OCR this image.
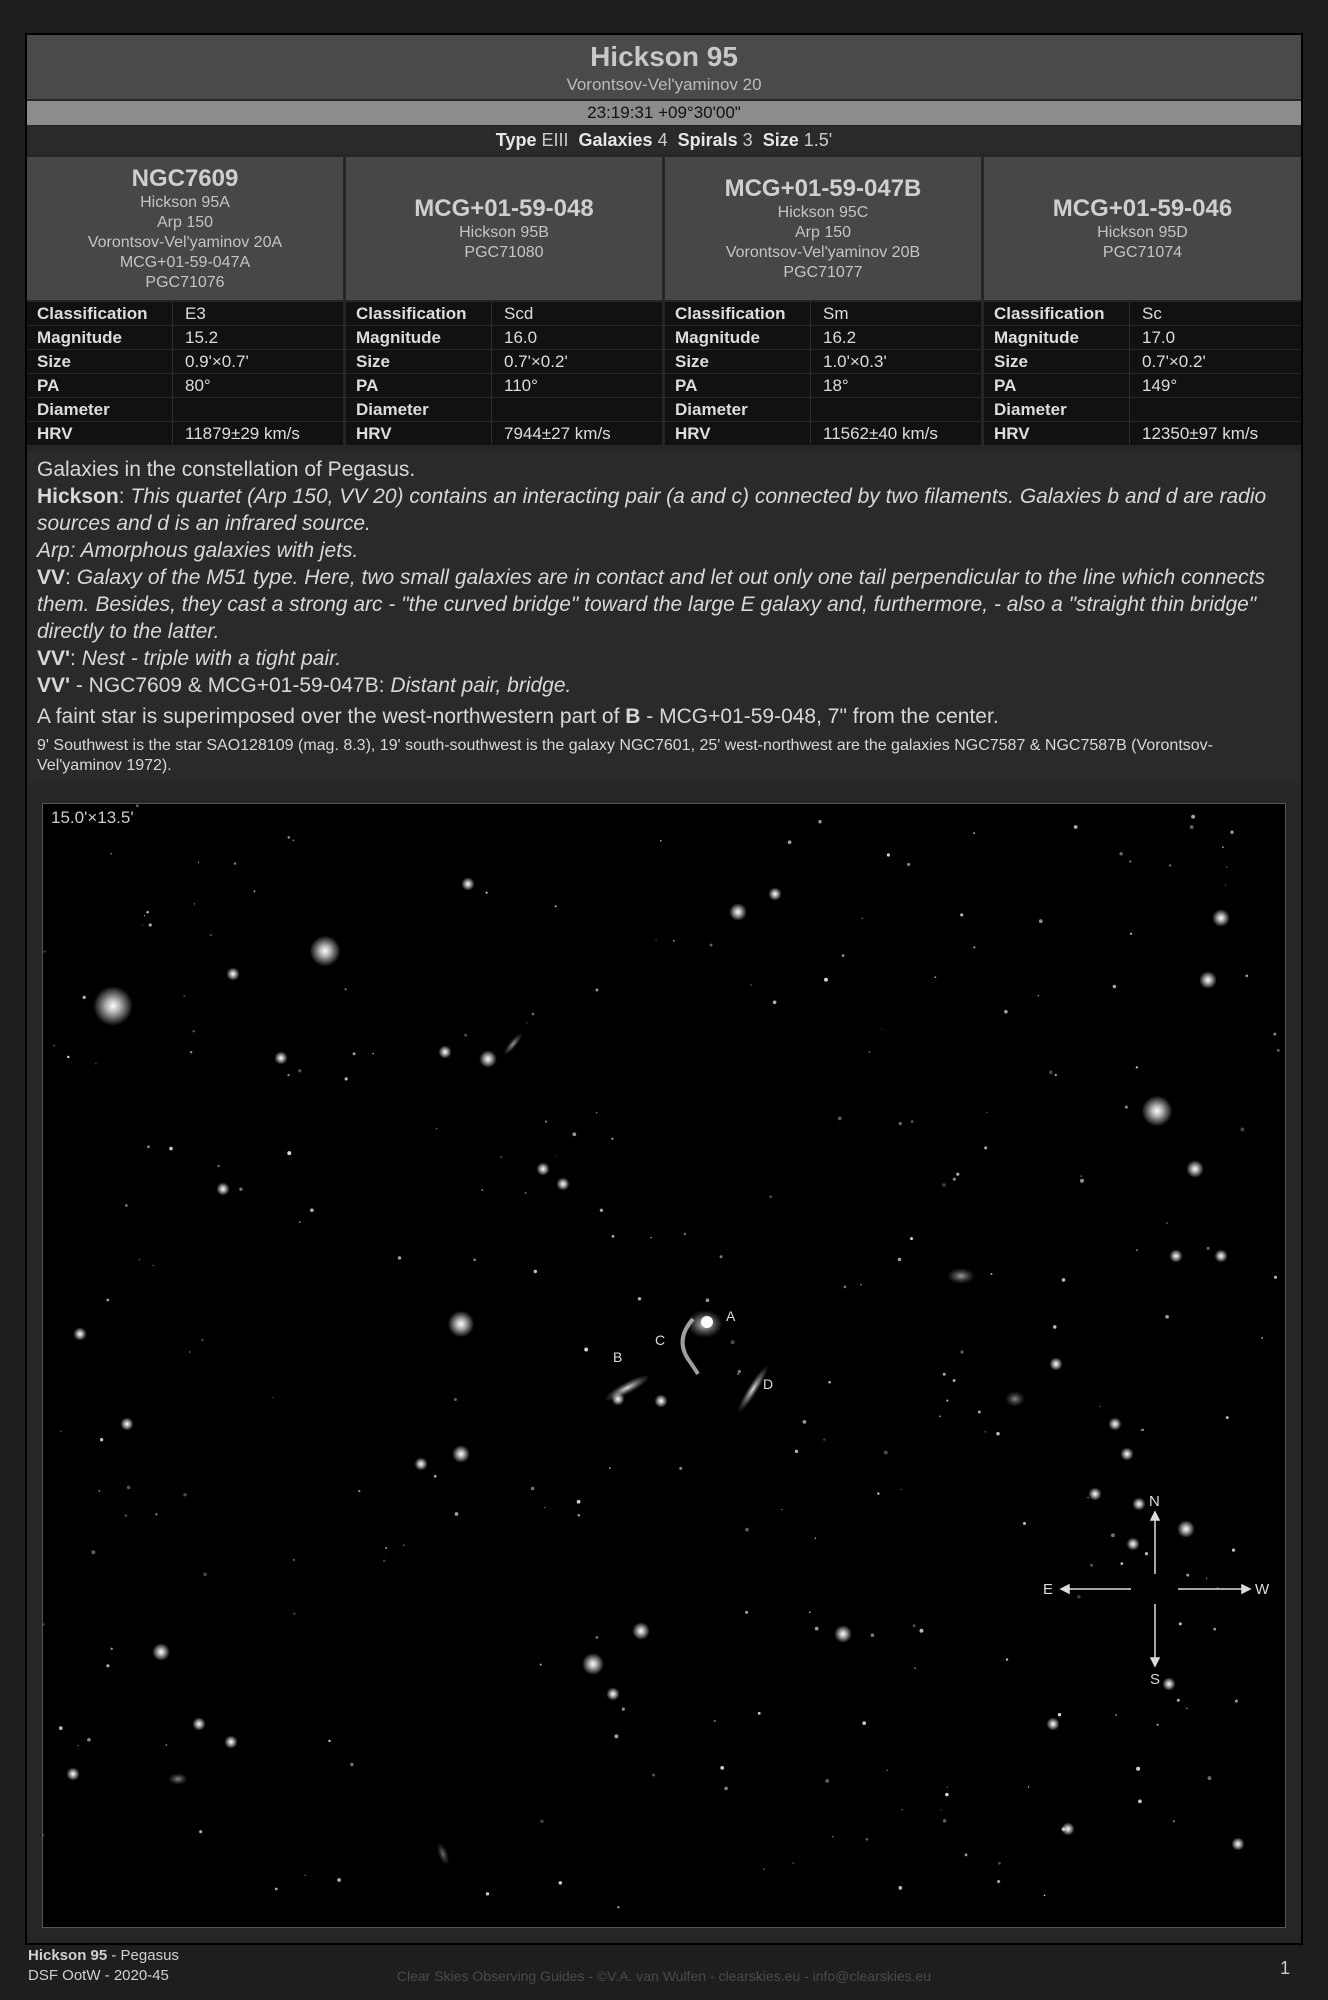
Hickson 95
Vorontsov-Vel'yaminov 20
23:19:31 +09°30'00"
Type EIII Galaxies 4 Spirals 3 Size 1.5'
NGC7609
Hickson 95A
Arp 150
Vorontsov-Vel'yaminov 20A
MCG+01-59-047A
PGC71076
Classification	E3
Magnitude	15.2
Size	0.9'×0.7'
PA	80°
Diameter
HRV	11879±29 km/s
MCG+01-59-048
Hickson 95B
PGC71080
Classification	Scd
Magnitude	16.0
Size	0.7'×0.2'
PA	110°
Diameter
HRV	7944±27 km/s
MCG+01-59-047B
Hickson 95C
Arp 150
Vorontsov-Vel'yaminov 20B
PGC71077
Classification	Sm
Magnitude	16.2
Size	1.0'×0.3'
PA	18°
Diameter
HRV	11562±40 km/s
MCG+01-59-046
Hickson 95D
PGC71074
Classification	Sc
Magnitude	17.0
Size	0.7'×0.2'
PA	149°
Diameter
HRV	12350±97 km/s

Galaxies in the constellation of Pegasus.

Hickson: This quartet (Arp 150, VV 20) contains an interacting pair (a and c) connected by two filaments. Galaxies b and d are radio sources and d is an infrared source.

Arp: Amorphous galaxies with jets.

VV: Galaxy of the M51 type. Here, two small galaxies are in contact and let out only one tail perpendicular to the line which connects them. Besides, they cast a strong arc - "the curved bridge" toward the large E galaxy and, furthermore, - also a "straight thin bridge" directly to the latter.

VV': Nest - triple with a tight pair.

VV' - NGC7609 & MCG+01-59-047B: Distant pair, bridge.

A faint star is superimposed over the west-northwestern part of B - MCG+01-59-048, 7" from the center.

9' Southwest is the star SAO128109 (mag. 8.3), 19' south-southwest is the galaxy NGC7601, 25' west-northwest are the galaxies NGC7587 & NGC7587B (Vorontsov-Vel'yaminov 1972).

A
B
C
D
N
S
E	W
15.0'×13.5'
Hickson 95 - Pegasus
DSF OotW - 2020-45	Clear Skies Observing Guides - ©V.A. van Wulfen - clearskies.eu - info@clearskies.eu	1
